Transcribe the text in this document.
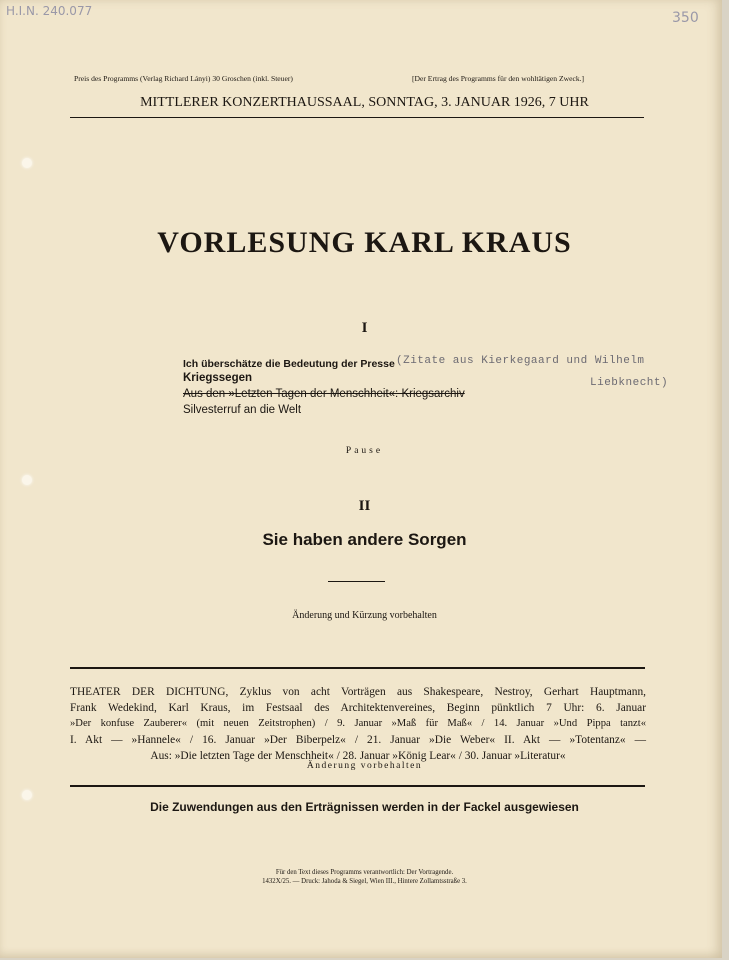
H.I.N. 240.077	350
Preis des Programms (Verlag Richard Lányi) 30 Groschen (inkl. Steuer)	[Der Ertrag des Programms für den wohltätigen Zweck.]
MITTLERER KONZERTHAUSSAAL, SONNTAG, 3. JANUAR 1926, 7 UHR
VORLESUNG KARL KRAUS
I
Ich überschätze die Bedeutung der Presse (Zitate aus Kierkegaard und Wilhelm
Liebknecht)
Kriegssegen
Aus den »Letzten Tagen der Menschheit«: Kriegsarchiv
Silvesterruf an die Welt
Pause
II
Sie haben andere Sorgen
Änderung und Kürzung vorbehalten
THEATER DER DICHTUNG, Zyklus von acht Vorträgen aus Shakespeare, Nestroy, Gerhart Hauptmann,
Frank Wedekind, Karl Kraus, im Festsaal des Architektenvereines, Beginn pünktlich 7 Uhr: 6. Januar
»Der konfuse Zauberer« (mit neuen Zeitstrophen) / 9. Januar »Maß für Maß« / 14. Januar »Und Pippa tanzt«
I. Akt — »Hannele« / 16. Januar »Der Biberpelz« / 21. Januar »Die Weber« II. Akt — »Totentanz« —
Aus: »Die letzten Tage der Menschheit« / 28. Januar »König Lear« / 30. Januar »Literatur«
Änderung vorbehalten
Die Zuwendungen aus den Erträgnissen werden in der Fackel ausgewiesen
Für den Text dieses Programms verantwortlich: Der Vortragende.
1432X/25. — Druck: Jahoda & Siegel, Wien III., Hintere Zollamtsstraße 3.
